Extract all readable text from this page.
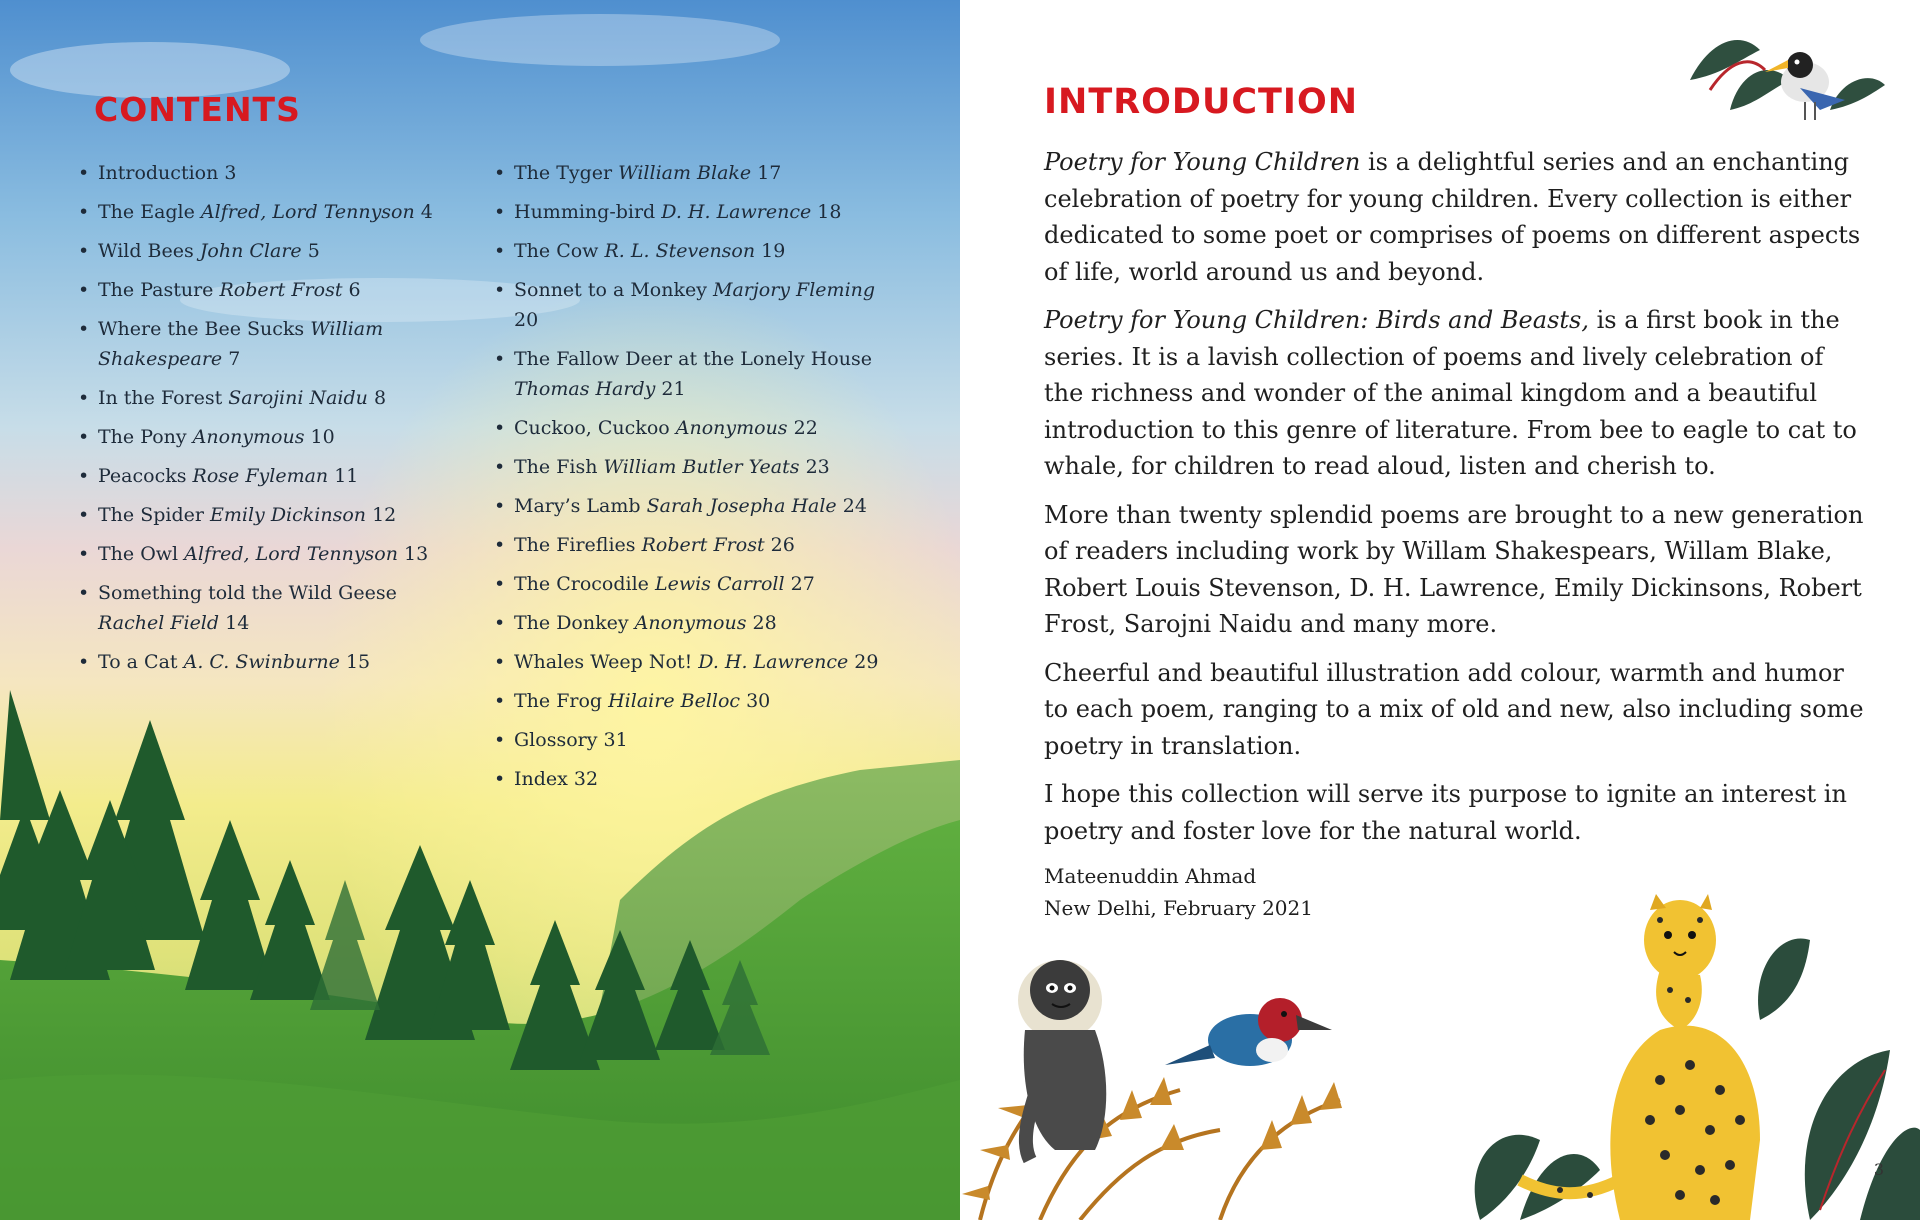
CONTENTS
• Introduction 3
• The Eagle Alfred, Lord Tennyson 4
• Wild Bees John Clare 5
• The Pasture Robert Frost 6
• Where the Bee Sucks William Shakespeare 7
• In the Forest Sarojini Naidu 8
• The Pony Anonymous 10
• Peacocks Rose Fyleman 11
• The Spider Emily Dickinson 12
• The Owl Alfred, Lord Tennyson 13
• Something told the Wild Geese Rachel Field 14
• To a Cat A. C. Swinburne 15
• The Tyger William Blake 17
• Humming-bird D. H. Lawrence 18
• The Cow R. L. Stevenson 19
• Sonnet to a Monkey Marjory Fleming 20
• The Fallow Deer at the Lonely House Thomas Hardy 21
• Cuckoo, Cuckoo Anonymous 22
• The Fish William Butler Yeats 23
• Mary’s Lamb Sarah Josepha Hale 24
• The Fireflies Robert Frost 26
• The Crocodile Lewis Carroll 27
• The Donkey Anonymous 28
• Whales Weep Not! D. H. Lawrence 29
• The Frog Hilaire Belloc 30
• Glossory 31
• Index 32
INTRODUCTION

Poetry for Young Children is a delightful series and an enchanting celebration of poetry for young children. Every collection is either dedicated to some poet or comprises of poems on different aspects of life, world around us and beyond.

Poetry for Young Children: Birds and Beasts, is a first book in the series. It is a lavish collection of poems and lively celebration of the richness and wonder of the animal kingdom and a beautiful introduction to this genre of literature. From bee to eagle to cat to whale, for children to read aloud, listen and cherish to.

More than twenty splendid poems are brought to a new generation of readers including work by Willam Shakespears, Willam Blake, Robert Louis Stevenson, D. H. Lawrence, Emily Dickinsons, Robert Frost, Sarojni Naidu and many more.

Cheerful and beautiful illustration add colour, warmth and humor to each poem, ranging to a mix of old and new, also including some poetry in translation.

I hope this collection will serve its purpose to ignite an interest in poetry and foster love for the natural world.

Mateenuddin Ahmad
New Delhi, February 2021
3
